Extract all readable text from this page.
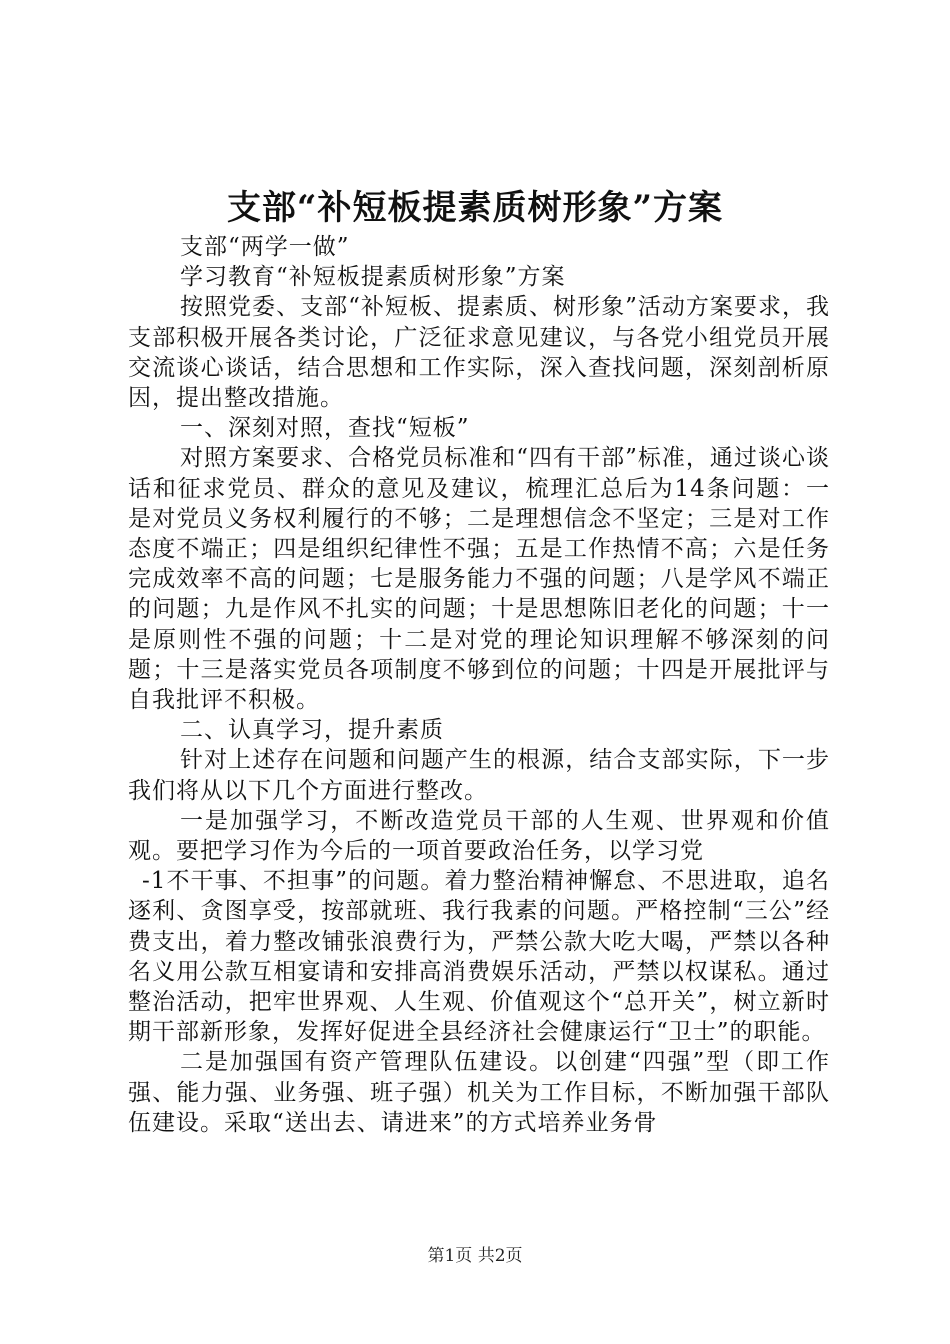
支部“补短板提素质树形象”方案

支部“两学一做”

学习教育“补短板提素质树形象”方案

按照党委、支部“补短板、提素质、树形象”活动方案要求，我支部积极开展各类讨论，广泛征求意见建议，与各党小组党员开展交流谈心谈话，结合思想和工作实际，深入查找问题，深刻剖析原因，提出整改措施。

一、深刻对照，查找“短板”

对照方案要求、合格党员标准和“四有干部”标准，通过谈心谈话和征求党员、群众的意见及建议，梳理汇总后为14条问题：一是对党员义务权利履行的不够；二是理想信念不坚定；三是对工作态度不端正；四是组织纪律性不强；五是工作热情不高；六是任务完成效率不高的问题；七是服务能力不强的问题；八是学风不端正的问题；九是作风不扎实的问题；十是思想陈旧老化的问题；十一是原则性不强的问题；十二是对党的理论知识理解不够深刻的问题；十三是落实党员各项制度不够到位的问题；十四是开展批评与自我批评不积极。

二、认真学习，提升素质

针对上述存在问题和问题产生的根源，结合支部实际，下一步我们将从以下几个方面进行整改。

一是加强学习，不断改造党员干部的人生观、世界观和价值观。要把学习作为今后的一项首要政治任务，以学习党

-1不干事、不担事”的问题。着力整治精神懈怠、不思进取，追名逐利、贪图享受，按部就班、我行我素的问题。严格控制“三公”经费支出，着力整改铺张浪费行为，严禁公款大吃大喝，严禁以各种名义用公款互相宴请和安排高消费娱乐活动，严禁以权谋私。通过整治活动，把牢世界观、人生观、价值观这个“总开关”，树立新时期干部新形象，发挥好促进全县经济社会健康运行“卫士”的职能。

二是加强国有资产管理队伍建设。以创建“四强”型（即工作强、能力强、业务强、班子强）机关为工作目标，不断加强干部队伍建设。采取“送出去、请进来”的方式培养业务骨

第1页 共2页
